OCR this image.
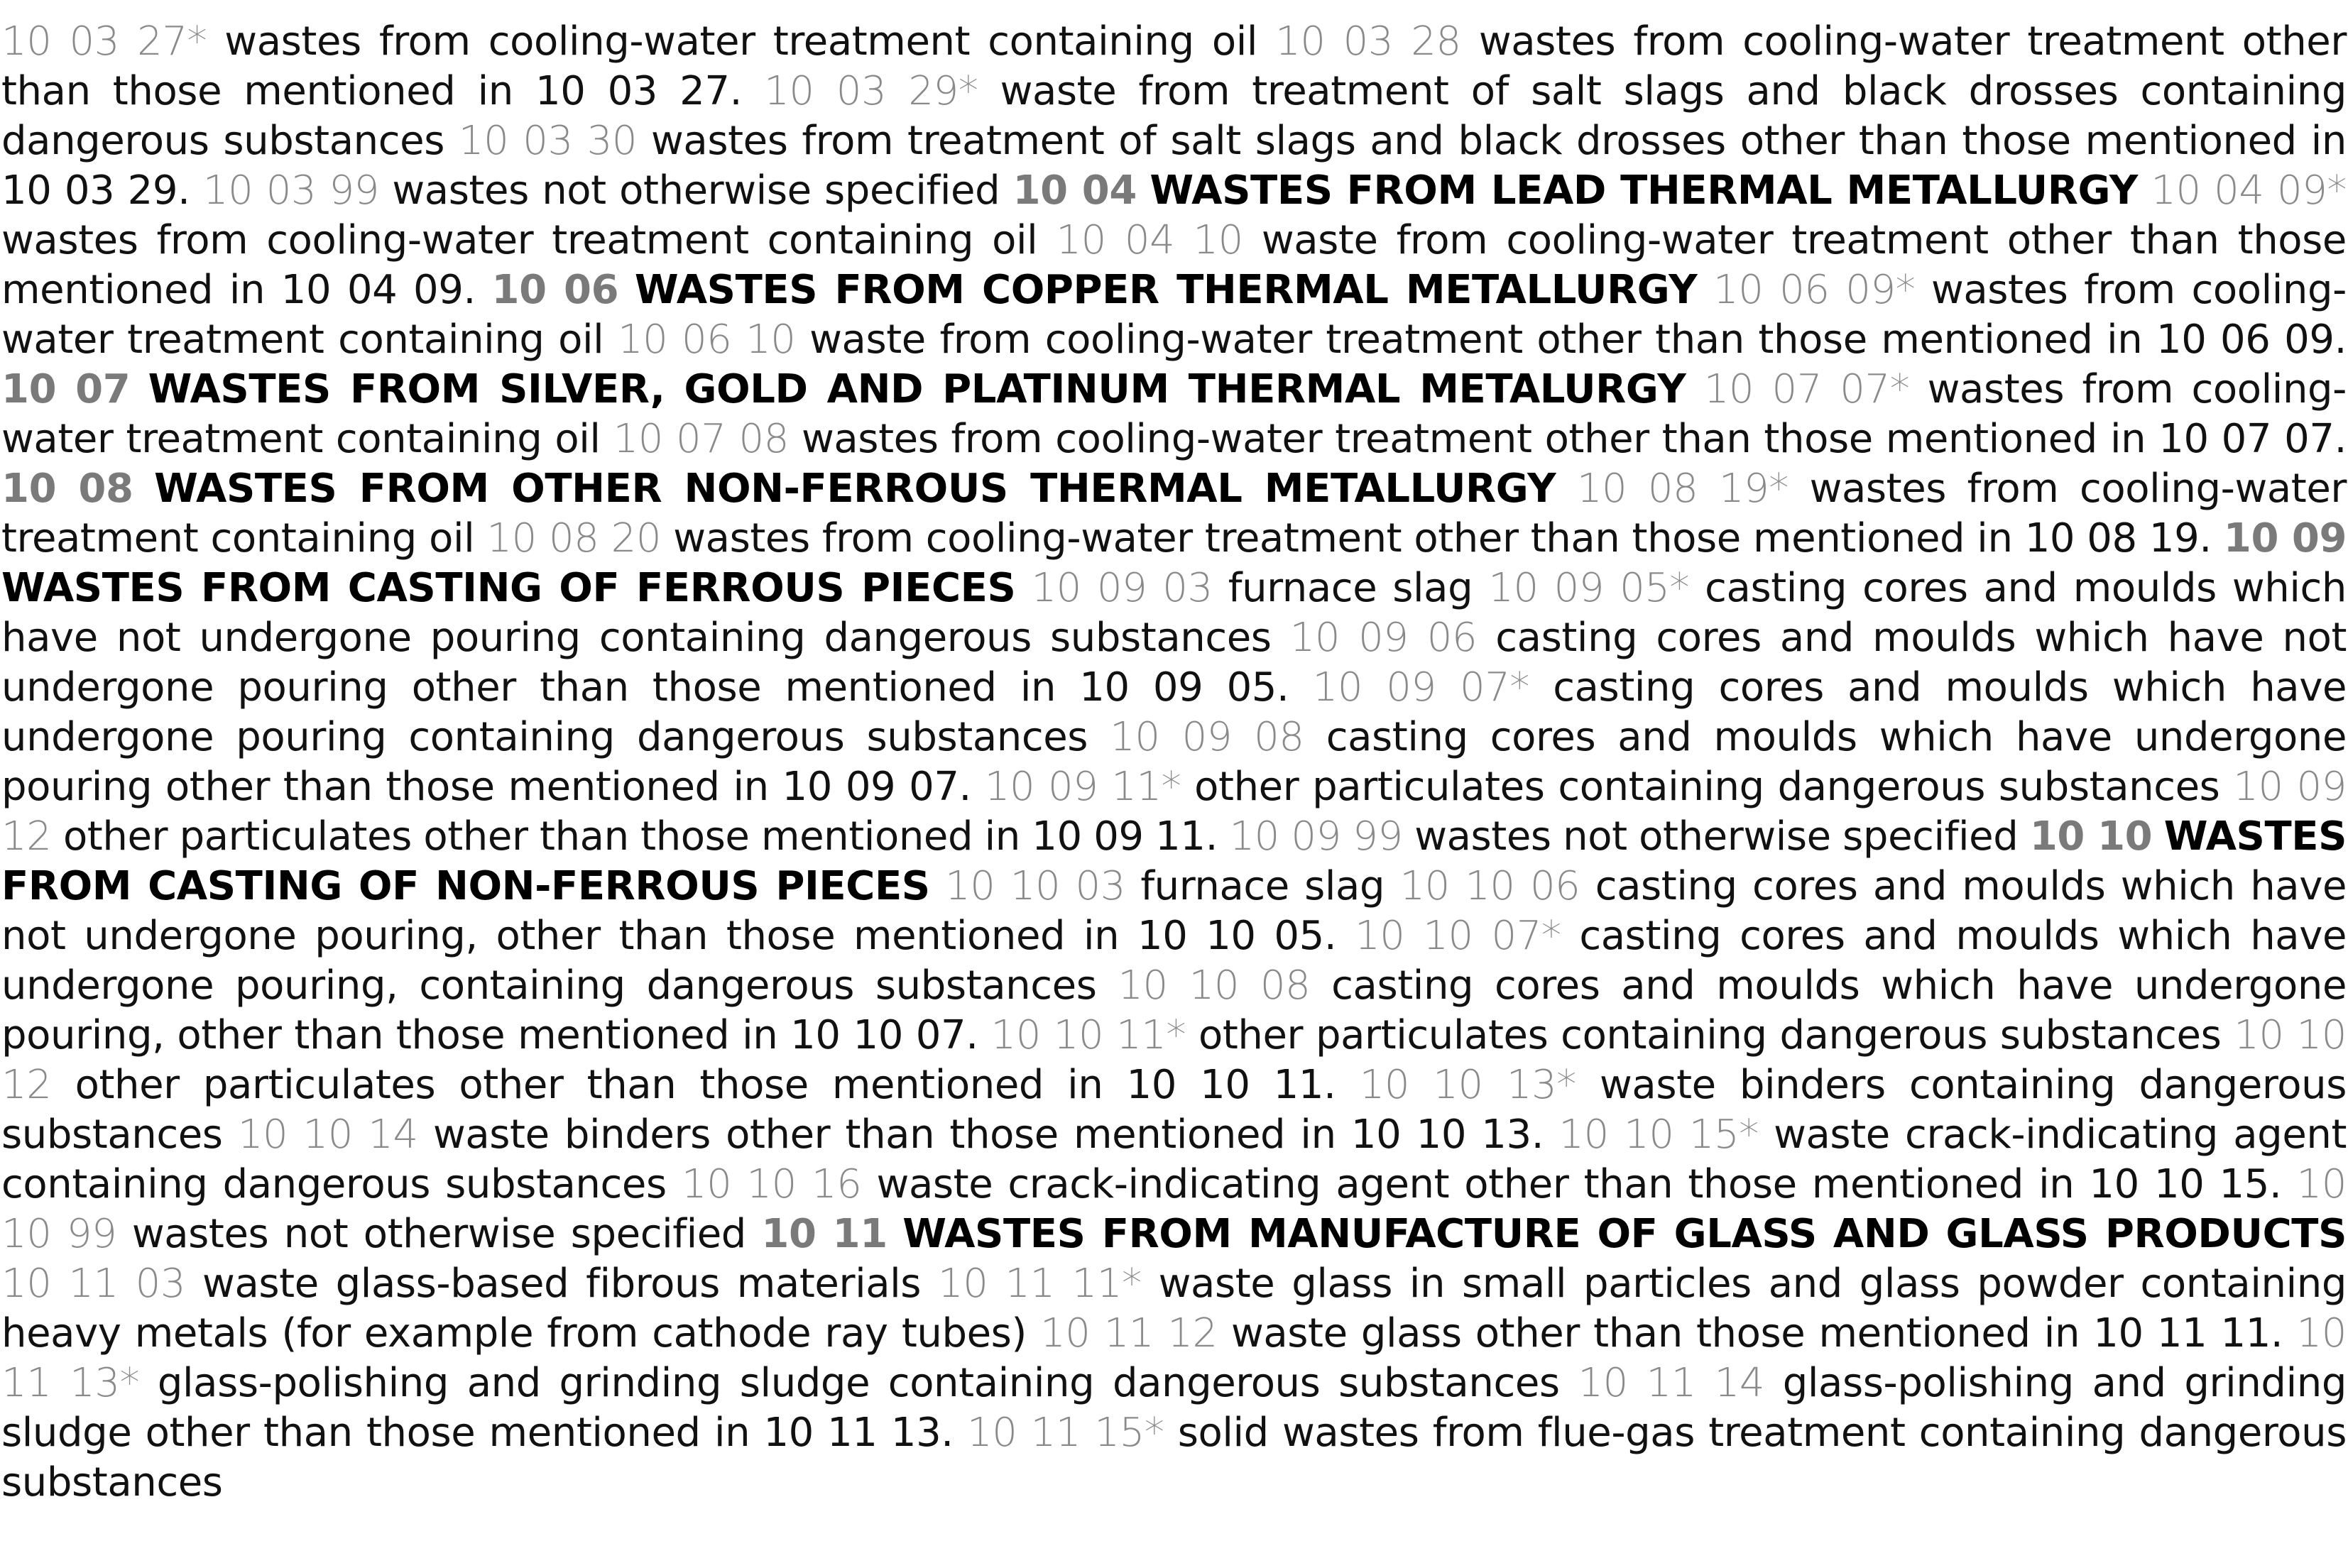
10 03 27* wastes from cooling-water treatment containing oil 10 03 28 wastes from cooling-water treatment other than those mentioned in 10 03 27. 10 03 29* waste from treatment of salt slags and black drosses containing dangerous substances 10 03 30 wastes from treatment of salt slags and black drosses other than those mentioned in 10 03 29. 10 03 99 wastes not otherwise specified 10 04 WASTES FROM LEAD THERMAL METALLURGY 10 04 09* wastes from cooling-water treatment containing oil 10 04 10 waste from cooling-water treatment other than those mentioned in 10 04 09. 10 06 WASTES FROM COPPER THERMAL METALLURGY 10 06 09* wastes from cooling-water treatment containing oil 10 06 10 waste from cooling-water treatment other than those mentioned in 10 06 09. 10 07 WASTES FROM SILVER, GOLD AND PLATINUM THERMAL METALURGY 10 07 07* wastes from cooling-water treatment containing oil 10 07 08 wastes from cooling-water treatment other than those mentioned in 10 07 07. 10 08 WASTES FROM OTHER NON-FERROUS THERMAL METALLURGY 10 08 19* wastes from cooling-water treatment containing oil 10 08 20 wastes from cooling-water treatment other than those mentioned in 10 08 19. 10 09 WASTES FROM CASTING OF FERROUS PIECES 10 09 03 furnace slag 10 09 05* casting cores and moulds which have not undergone pouring containing dangerous substances 10 09 06 casting cores and moulds which have not undergone pouring other than those mentioned in 10 09 05. 10 09 07* casting cores and moulds which have undergone pouring containing dangerous substances 10 09 08 casting cores and moulds which have undergone pouring other than those mentioned in 10 09 07. 10 09 11* other particulates containing dangerous substances 10 09 12 other particulates other than those mentioned in 10 09 11. 10 09 99 wastes not otherwise specified 10 10 WASTES FROM CASTING OF NON-FERROUS PIECES 10 10 03 furnace slag 10 10 06 casting cores and moulds which have not undergone pouring, other than those mentioned in 10 10 05. 10 10 07* casting cores and moulds which have undergone pouring, containing dangerous substances 10 10 08 casting cores and moulds which have undergone pouring, other than those mentioned in 10 10 07. 10 10 11* other particulates containing dangerous substances 10 10 12 other particulates other than those mentioned in 10 10 11. 10 10 13* waste binders containing dangerous substances 10 10 14 waste binders other than those mentioned in 10 10 13. 10 10 15* waste crack-indicating agent containing dangerous substances 10 10 16 waste crack-indicating agent other than those mentioned in 10 10 15. 10 10 99 wastes not otherwise specified 10 11 WASTES FROM MANUFACTURE OF GLASS AND GLASS PRODUCTS 10 11 03 waste glass-based fibrous materials 10 11 11* waste glass in small particles and glass powder containing heavy metals (for example from cathode ray tubes) 10 11 12 waste glass other than those mentioned in 10 11 11. 10 11 13* glass-polishing and grinding sludge containing dangerous substances 10 11 14 glass-polishing and grinding sludge other than those mentioned in 10 11 13. 10 11 15* solid wastes from flue-gas treatment containing dangerous substances
